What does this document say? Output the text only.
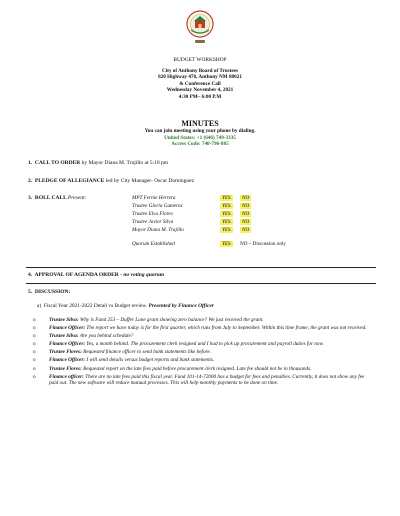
BUDGET WORKSHOP
City of Anthony Board of Trustees
820 Highway 478, Anthony NM 88021
& Conference Call
Wednesday November 4, 2021
4:30 PM– 6:00 P.M
MINUTES
You can join meeting using your phone by dialing.
United States: +1 (646) 749-3335
Access Code: 740-796-885
1. CALL TO ORDER by Mayor Diana M. Trujillo at 5:10 pm
2. PLEDGE OF ALLEGIANCE led by City Manager- Oscar Dominguez
3. ROLL CALL Present:	MPT Fernie Herrera	YES	NO
Trustee Gloria Gameros	YES	NO
Trustee Elva Flores	YES	NO
Trustee Javier Silva	YES	NO
Mayor Diana M. Trujillo	YES	NO
Quorum Established	YES	NO – Discussion only
4. APPROVAL OF AGENDA ORDER - no voting quorum
5. DISCUSSION:
a) Fiscal Year 2021-2022 Detail vs Budget review. Presented by Finance Officer
o	Trustee Silva: Why is Fund 253 – Duffer Lane grant showing zero balance? We just received the grant.
o	Finance Officer: The report we have today is for the first quarter, which runs from July to September. Within this time frame, the grant was not received.
o	Trustee Silva: Are you behind schedule?
o	Finance Officer: Yes, a month behind. The procurement clerk resigned and I had to pick up procurement and payroll duties for now.
o	Trustee Flores: Requested finance officer to send bank statements like before.
o	Finance Officer: I will send details versus budget reports and bank statements.
o	Trustee Flores: Requested report on the late fees paid before procurement clerk resigned. Late fee should not be in thousands.
o	Finance officer: There are no late fees paid this fiscal year. Fund 101-14-72000 has a budget for fees and penalties. Currently, it does not show any fee paid out. The new software will reduce manual processes. This will help monthly payments to be done on time.
